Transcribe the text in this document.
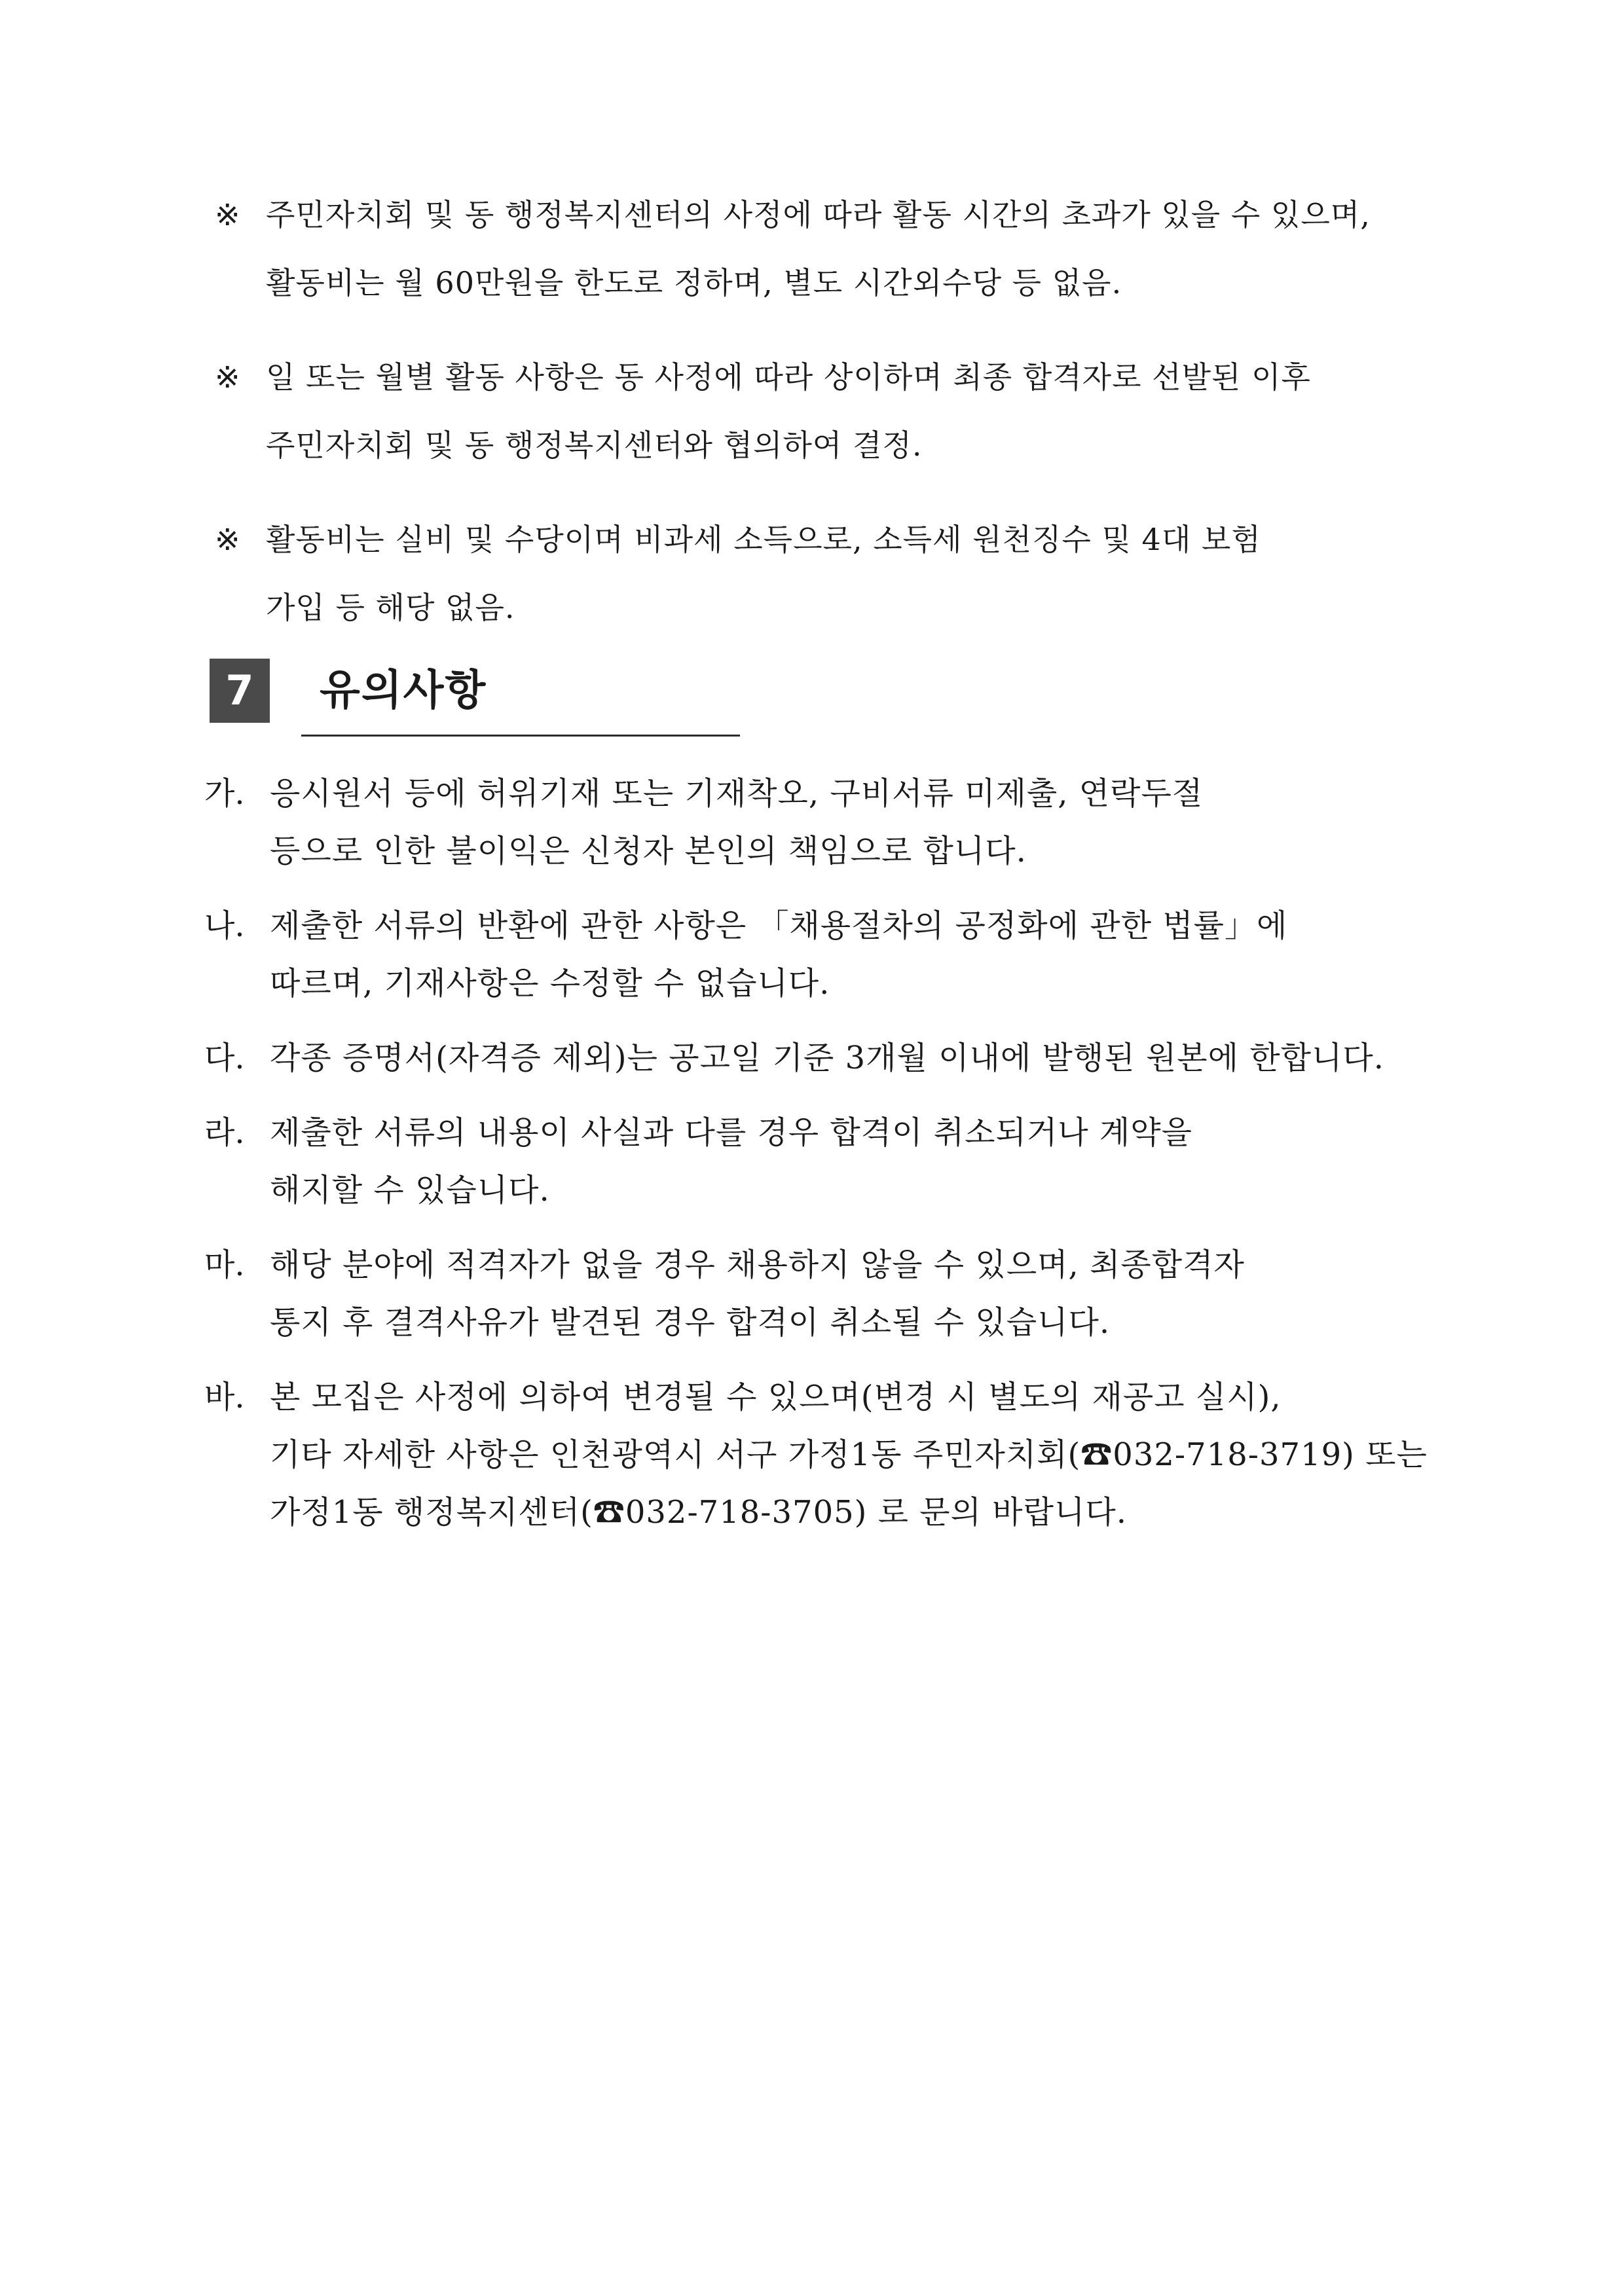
※ 주민자치회 및 동 행정복지센터의 사정에 따라 활동 시간의 초과가 있을 수 있으며,
활동비는 월 60만원을 한도로 정하며, 별도 시간외수당 등 없음.
※ 일 또는 월별 활동 사항은 동 사정에 따라 상이하며 최종 합격자로 선발된 이후
주민자치회 및 동 행정복지센터와 협의하여 결정.
※ 활동비는 실비 및 수당이며 비과세 소득으로, 소득세 원천징수 및 4대 보험
가입 등 해당 없음.
7	유의사항
가. 응시원서 등에 허위기재 또는 기재착오, 구비서류 미제출, 연락두절
등으로 인한 불이익은 신청자 본인의 책임으로 합니다.
나. 제출한 서류의 반환에 관한 사항은 「채용절차의 공정화에 관한 법률」에
따르며, 기재사항은 수정할 수 없습니다.
다. 각종 증명서(자격증 제외)는 공고일 기준 3개월 이내에 발행된 원본에 한합니다.
라. 제출한 서류의 내용이 사실과 다를 경우 합격이 취소되거나 계약을
해지할 수 있습니다.
마. 해당 분야에 적격자가 없을 경우 채용하지 않을 수 있으며, 최종합격자
통지 후 결격사유가 발견된 경우 합격이 취소될 수 있습니다.
바. 본 모집은 사정에 의하여 변경될 수 있으며(변경 시 별도의 재공고 실시),
기타 자세한 사항은 인천광역시 서구 가정1동 주민자치회(☎032-718-3719) 또는
가정1동 행정복지센터(☎032-718-3705) 로 문의 바랍니다.
